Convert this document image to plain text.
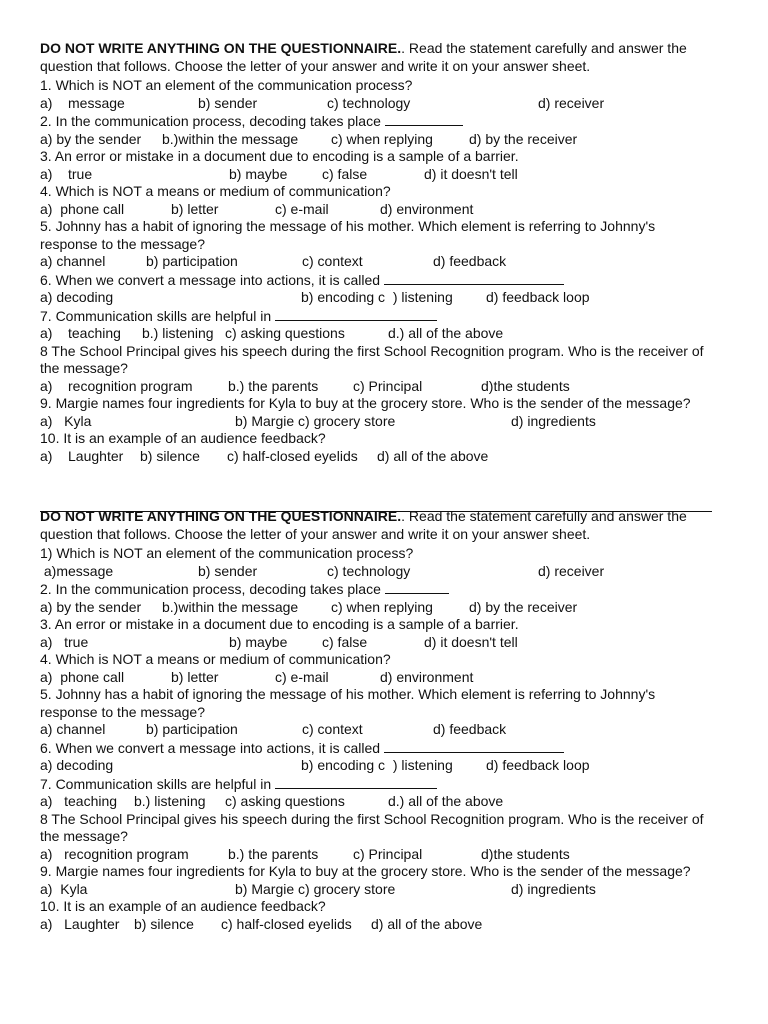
DO NOT WRITE ANYTHING ON THE QUESTIONNAIRE.. Read the statement carefully and answer the question that follows. Choose the letter of your answer and write it on your answer sheet.

1. Which is NOT an element of the communication process?

a)    message	b) sender	c) technology	d) receiver

2. In the communication process, decoding takes place

a) by the sender b.)within the message c) when replying	d) by the receiver

3. An error or mistake in a document due to encoding is a sample of a barrier.

a)    true	b) maybe c) false	d) it doesn't tell

4. Which is NOT a means or medium of communication?

a)  phone call	b) letter	c) e-mail	d) environment

5. Johnny has a habit of ignoring the message of his mother. Which element is referring to Johnny's response to the message?

a) channel	b) participation	c) context	d) feedback

6. When we convert a message into actions, it is called

a) decoding	b) encoding c  ) listening d) feedback loop

7. Communication skills are helpful in

a)    teaching b.) listening c) asking questions	d.) all of the above

8 The School Principal gives his speech during the first School Recognition program. Who is the receiver of the message?

a)    recognition program	b.) the parents c) Principal	d)the students

9. Margie names four ingredients for Kyla to buy at the grocery store. Who is the sender of the message?

a)   Kyla	b) Margie c) grocery store	d) ingredients

10. It is an example of an audience feedback?

a)    Laughter b) silence c) half-closed eyelids d) all of the above

DO NOT WRITE ANYTHING ON THE QUESTIONNAIRE.. Read the statement carefully and answer the question that follows. Choose the letter of your answer and write it on your answer sheet.

1) Which is NOT an element of the communication process?

a)message	b) sender	c) technology	d) receiver

2. In the communication process, decoding takes place

a) by the sender b.)within the message c) when replying	d) by the receiver

3. An error or mistake in a document due to encoding is a sample of a barrier.

a)   true	b) maybe c) false	d) it doesn't tell

4. Which is NOT a means or medium of communication?

a)  phone call	b) letter	c) e-mail	d) environment

5. Johnny has a habit of ignoring the message of his mother. Which element is referring to Johnny's response to the message?

a) channel	b) participation	c) context	d) feedback

6. When we convert a message into actions, it is called

a) decoding	b) encoding c  ) listening d) feedback loop

7. Communication skills are helpful in

a)   teaching b.) listening c) asking questions	d.) all of the above

8 The School Principal gives his speech during the first School Recognition program. Who is the receiver of the message?

a)   recognition program	b.) the parents c) Principal	d)the students

9. Margie names four ingredients for Kyla to buy at the grocery store. Who is the sender of the message?

a)  Kyla	b) Margie c) grocery store	d) ingredients

10. It is an example of an audience feedback?

a)   Laughter b) silence c) half-closed eyelids d) all of the above
